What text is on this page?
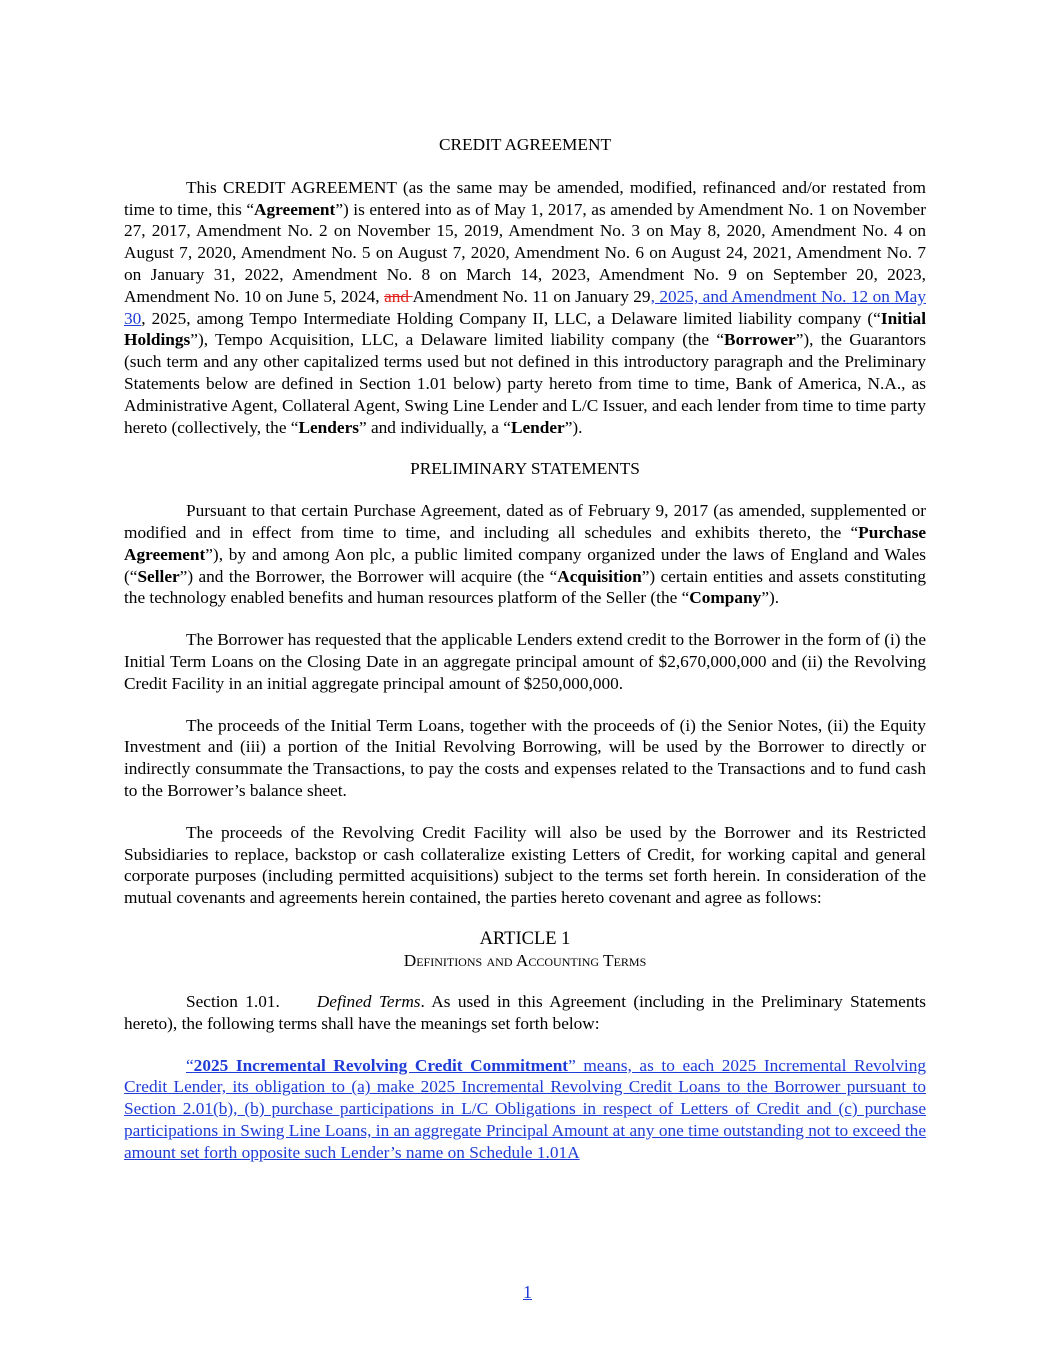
CREDIT AGREEMENT

This CREDIT AGREEMENT (as the same may be amended, modified, refinanced and/or restated from time to time, this “Agreement”) is entered into as of May 1, 2017, as amended by Amendment No. 1 on November 27, 2017, Amendment No. 2 on November 15, 2019, Amendment No. 3 on May 8, 2020, Amendment No. 4 on August 7, 2020, Amendment No. 5 on August 7, 2020, Amendment No. 6 on August 24, 2021, Amendment No. 7 on January 31, 2022, Amendment No. 8 on March 14, 2023, Amendment No. 9 on September 20, 2023, Amendment No. 10 on June 5, 2024, and Amendment No. 11 on January 29, 2025, and Amendment No. 12 on May 30, 2025, among Tempo Intermediate Holding Company II, LLC, a Delaware limited liability company (“Initial Holdings”), Tempo Acquisition, LLC, a Delaware limited liability company (the “Borrower”), the Guarantors (such term and any other capitalized terms used but not defined in this introductory paragraph and the Preliminary Statements below are defined in Section 1.01 below) party hereto from time to time, Bank of America, N.A., as Administrative Agent, Collateral Agent, Swing Line Lender and L/C Issuer, and each lender from time to time party hereto (collectively, the “Lenders” and individually, a “Lender”).

PRELIMINARY STATEMENTS

Pursuant to that certain Purchase Agreement, dated as of February 9, 2017 (as amended, supplemented or modified and in effect from time to time, and including all schedules and exhibits thereto, the “Purchase Agreement”), by and among Aon plc, a public limited company organized under the laws of England and Wales (“Seller”) and the Borrower, the Borrower will acquire (the “Acquisition”) certain entities and assets constituting the technology enabled benefits and human resources platform of the Seller (the “Company”).

The Borrower has requested that the applicable Lenders extend credit to the Borrower in the form of (i) the Initial Term Loans on the Closing Date in an aggregate principal amount of $2,670,000,000 and (ii) the Revolving Credit Facility in an initial aggregate principal amount of $250,000,000.

The proceeds of the Initial Term Loans, together with the proceeds of (i) the Senior Notes, (ii) the Equity Investment and (iii) a portion of the Initial Revolving Borrowing, will be used by the Borrower to directly or indirectly consummate the Transactions, to pay the costs and expenses related to the Transactions and to fund cash to the Borrower’s balance sheet.

The proceeds of the Revolving Credit Facility will also be used by the Borrower and its Restricted Subsidiaries to replace, backstop or cash collateralize existing Letters of Credit, for working capital and general corporate purposes (including permitted acquisitions) subject to the terms set forth herein. In consideration of the mutual covenants and agreements herein contained, the parties hereto covenant and agree as follows:

ARTICLE 1
Definitions and Accounting Terms

Section 1.01. Defined Terms. As used in this Agreement (including in the Preliminary Statements hereto), the following terms shall have the meanings set forth below:

“2025 Incremental Revolving Credit Commitment” means, as to each 2025 Incremental Revolving Credit Lender, its obligation to (a) make 2025 Incremental Revolving Credit Loans to the Borrower pursuant to Section 2.01(b), (b) purchase participations in L/C Obligations in respect of Letters of Credit and (c) purchase participations in Swing Line Loans, in an aggregate Principal Amount at any one time outstanding not to exceed the amount set forth opposite such Lender’s name on Schedule 1.01A

1
